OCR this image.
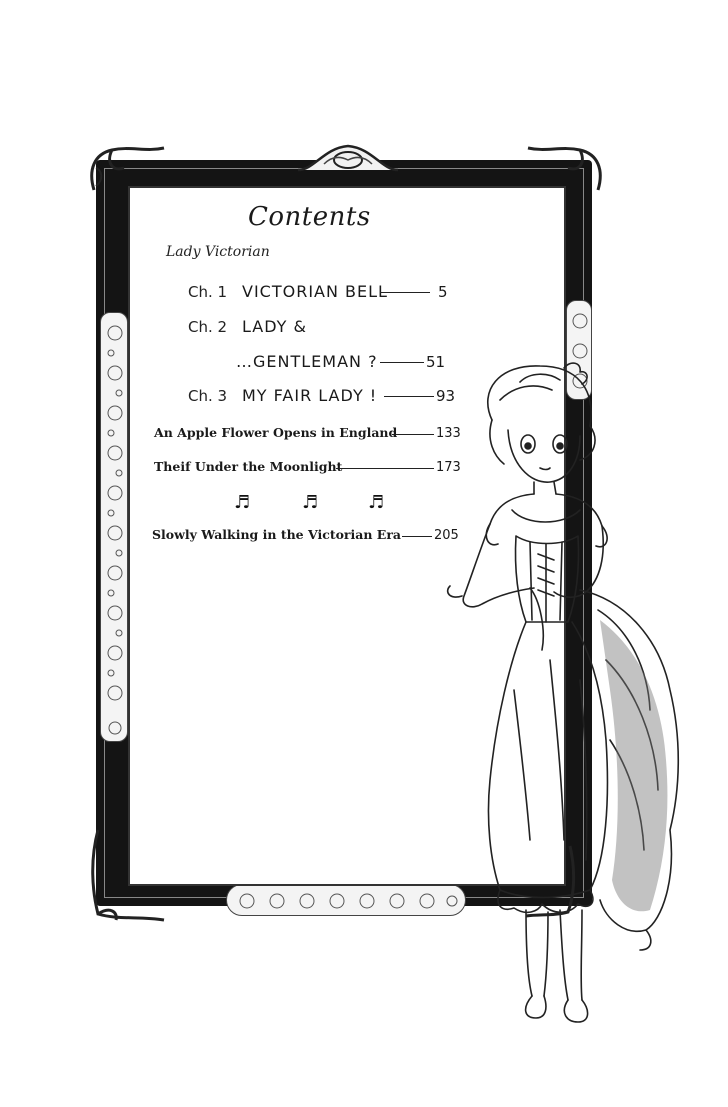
Contents
Lady Victorian
Ch. 1 VICTORIAN BELL	5
Ch. 2 LADY &
…GENTLEMAN ?	51
Ch. 3 MY FAIR LADY !	93
An Apple Flower Opens in England	133
Theif Under the Moonlight	173
♬	♬	♬
Slowly Walking in the Victorian Era	205
